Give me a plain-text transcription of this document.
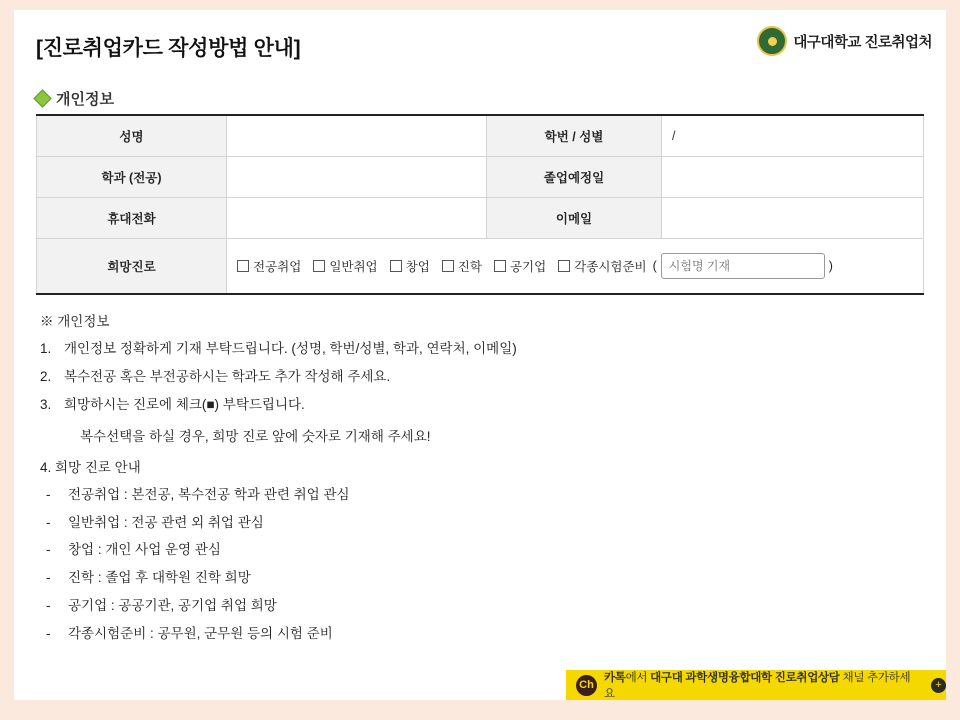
[진로취업카드 작성방법 안내]	대구대학교 진로취업처
개인정보
성명		학번 / 성별	/
학과 (전공)		졸업예정일	
휴대전화		이메일	
희망진로	전공취업 일반취업 창업 진학 공기업 각종시험준비 (
시험명 기재	)
※ 개인정보
1. 개인정보 정확하게 기재 부탁드립니다. (성명, 학번/성별, 학과, 연락처, 이메일)
2. 복수전공 혹은 부전공하시는 학과도 추가 작성해 주세요.
3. 희망하시는 진로에 체크(■) 부탁드립니다.
복수선택을 하실 경우, 희망 진로 앞에 숫자로 기재해 주세요!
4. 희망 진로 안내
-	전공취업 : 본전공, 복수전공 학과 관련 취업 관심
-	일반취업 : 전공 관련 외 취업 관심
-	창업 : 개인 사업 운영 관심
-	진학 : 졸업 후 대학원 진학 희망
-	공기업 : 공공기관, 공기업 취업 희망
-	각종시험준비 : 공무원, 군무원 등의 시험 준비
Ch
카톡에서 대구대 과학생명융합대학 진로취업상담 채널 추가하세요
+
